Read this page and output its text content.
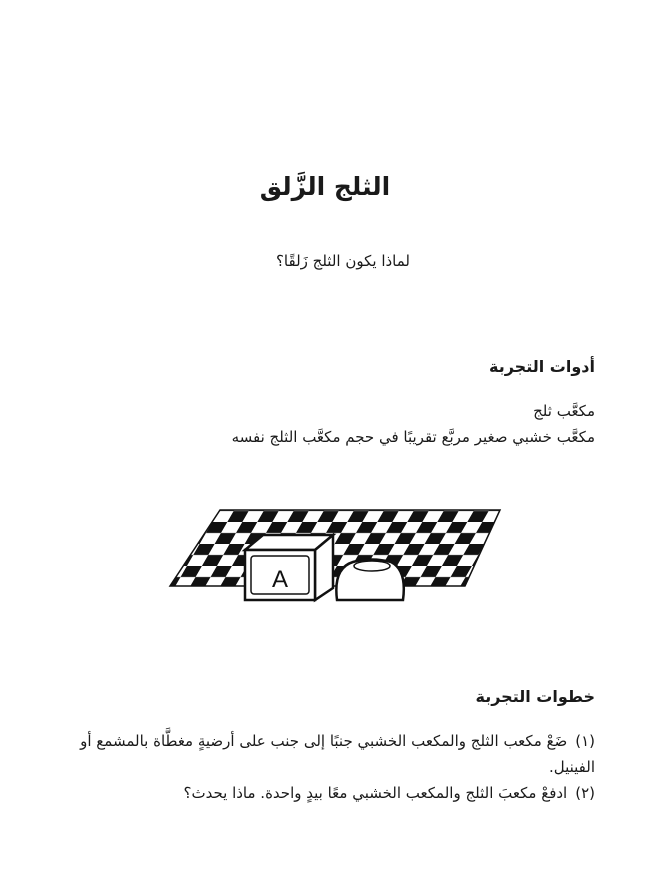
الثلج الزَّلق

لماذا يكون الثلج زَلقًا؟

أدوات التجربة
مكعَّب ثلج
مكعَّب خشبي صغير مربَّع تقريبًا في حجم مكعَّب الثلج نفسه
A
خطوات التجربة
(١)ضَعْ مكعب الثلج والمكعب الخشبي جنبًا إلى جنب على أرضيةٍ مغطَّاة بالمشمع أو الفينيل.
(٢)ادفعْ مكعبَ الثلج والمكعب الخشبي معًا بيدٍ واحدة. ماذا يحدث؟
